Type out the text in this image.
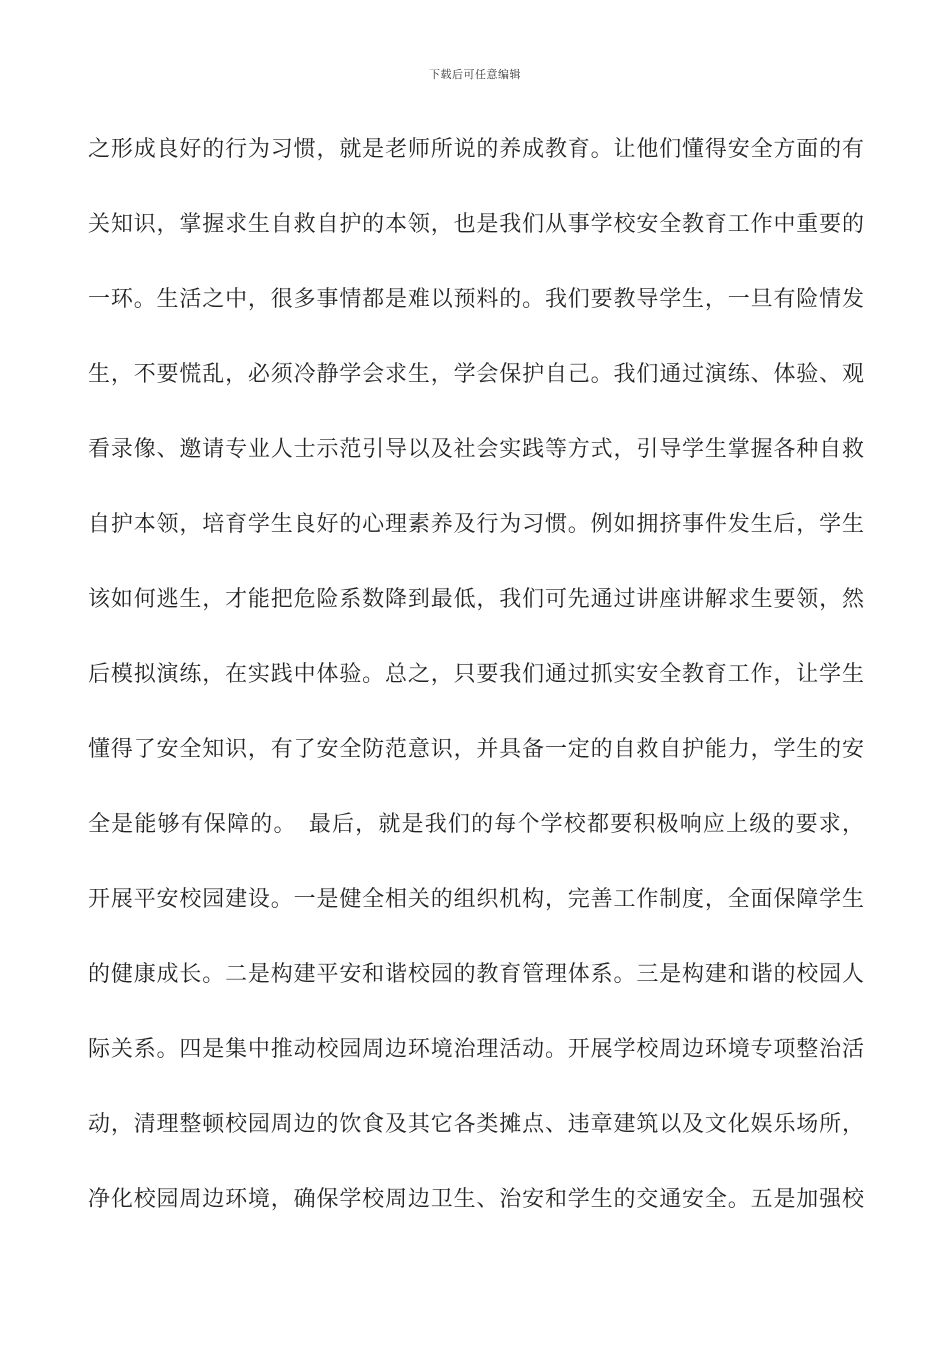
下载后可任意编辑
之形成良好的行为习惯，就是老师所说的养成教育。让他们懂得安全方面的有
关知识，掌握求生自救自护的本领，也是我们从事学校安全教育工作中重要的
一环。生活之中，很多事情都是难以预料的。我们要教导学生，一旦有险情发
生，不要慌乱，必须冷静学会求生，学会保护自己。我们通过演练、体验、观
看录像、邀请专业人士示范引导以及社会实践等方式，引导学生掌握各种自救
自护本领，培育学生良好的心理素养及行为习惯。例如拥挤事件发生后，学生
该如何逃生，才能把危险系数降到最低，我们可先通过讲座讲解求生要领，然
后模拟演练，在实践中体验。总之，只要我们通过抓实安全教育工作，让学生
懂得了安全知识，有了安全防范意识，并具备一定的自救自护能力，学生的安
全是能够有保障的。　最后，就是我们的每个学校都要积极响应上级的要求，
开展平安校园建设。一是健全相关的组织机构，完善工作制度，全面保障学生
的健康成长。二是构建平安和谐校园的教育管理体系。三是构建和谐的校园人
际关系。四是集中推动校园周边环境治理活动。开展学校周边环境专项整治活
动，清理整顿校园周边的饮食及其它各类摊点、违章建筑以及文化娱乐场所，
净化校园周边环境，确保学校周边卫生、治安和学生的交通安全。五是加强校
